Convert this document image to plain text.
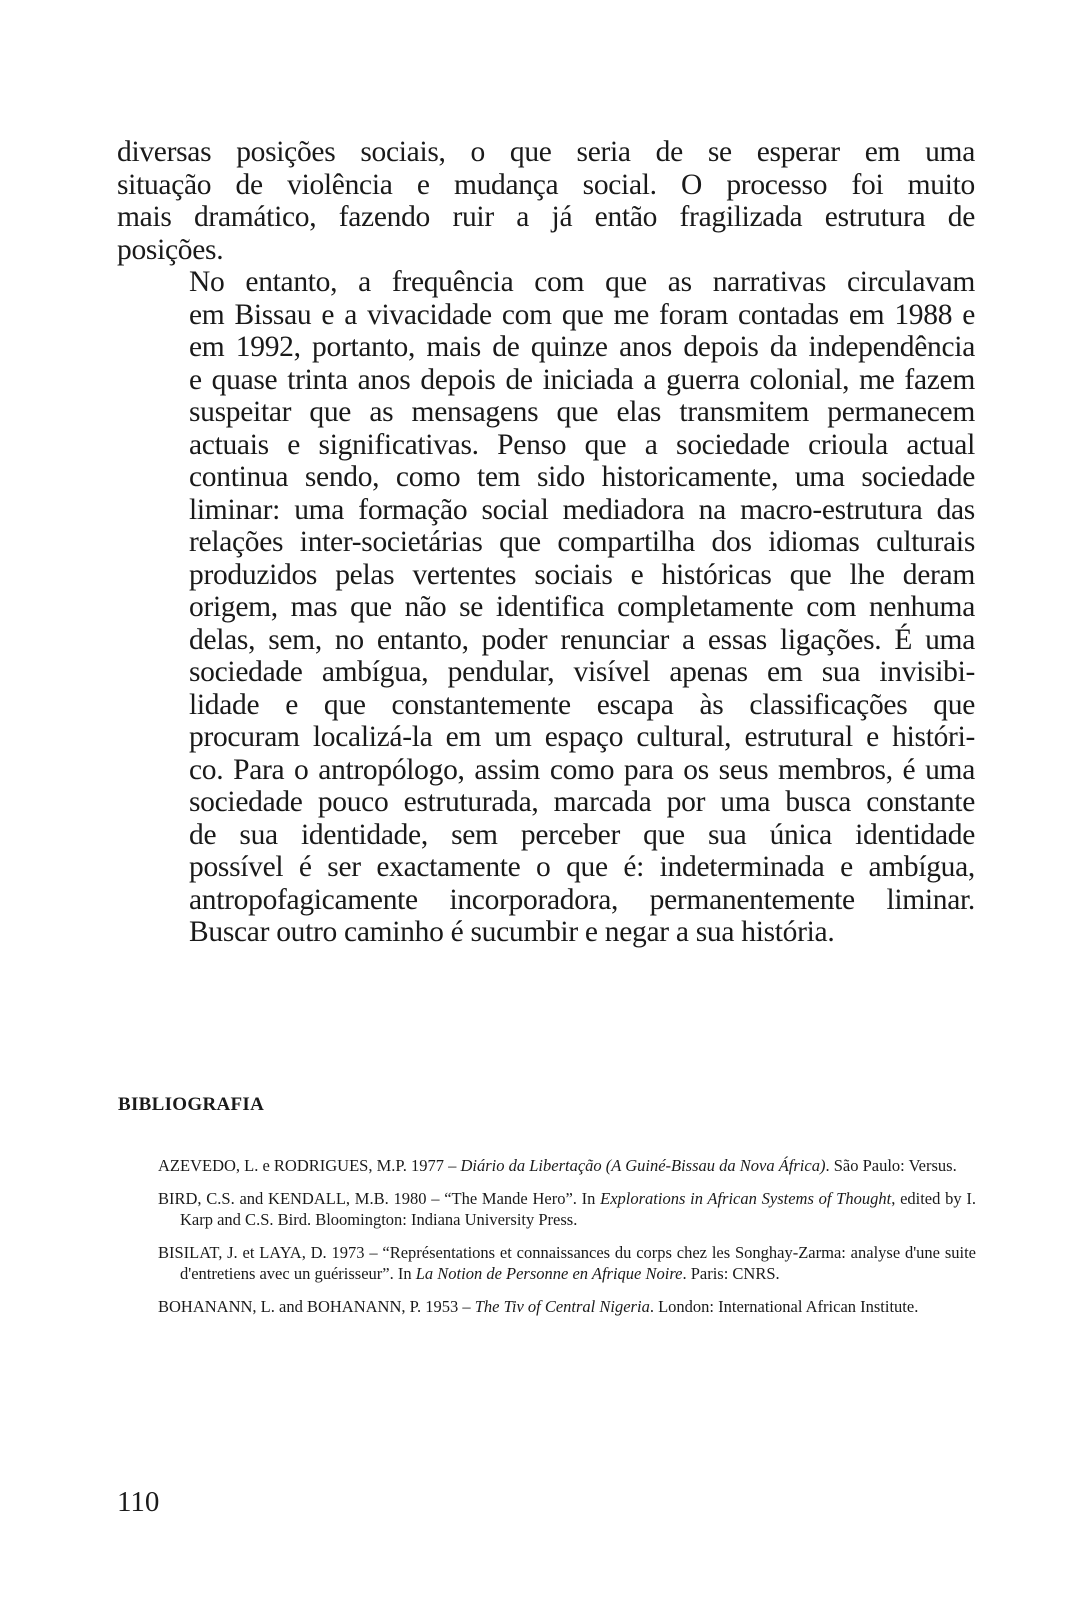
diversas posições sociais, o que seria de se esperar em uma
situação de violência e mudança social. O processo foi muito
mais dramático, fazendo ruir a já então fragilizada estrutura de
posições.

No entanto, a frequência com que as narrativas circulavam
em Bissau e a vivacidade com que me foram contadas em 1988 e
em 1992, portanto, mais de quinze anos depois da independência
e quase trinta anos depois de iniciada a guerra colonial, me fazem
suspeitar que as mensagens que elas transmitem permanecem
actuais e significativas. Penso que a sociedade crioula actual
continua sendo, como tem sido historicamente, uma sociedade
liminar: uma formação social mediadora na macro-estrutura das
relações inter-societárias que compartilha dos idiomas culturais
produzidos pelas vertentes sociais e históricas que lhe deram
origem, mas que não se identifica completamente com nenhuma
delas, sem, no entanto, poder renunciar a essas ligações. É uma
sociedade ambígua, pendular, visível apenas em sua invisibi-
lidade e que constantemente escapa às classificações que
procuram localizá-la em um espaço cultural, estrutural e históri-
co. Para o antropólogo, assim como para os seus membros, é uma
sociedade pouco estruturada, marcada por uma busca constante
de sua identidade, sem perceber que sua única identidade
possível é ser exactamente o que é: indeterminada e ambígua,
antropofagicamente incorporadora, permanentemente liminar.
Buscar outro caminho é sucumbir e negar a sua história.

BIBLIOGRAFIA

AZEVEDO, L. e RODRIGUES, M.P. 1977 – Diário da Libertação (A Guiné-Bissau da Nova África). São Paulo: Versus.

BIRD, C.S. and KENDALL, M.B. 1980 – “The Mande Hero”. In Explorations in African Systems of Thought, edited by I. Karp and C.S. Bird. Bloomington: Indiana University Press.

BISILAT, J. et LAYA, D. 1973 – “Représentations et connaissances du corps chez les Songhay-Zarma: analyse d'une suite d'entretiens avec un guérisseur”. In La Notion de Personne en Afrique Noire. Paris: CNRS.

BOHANANN, L. and BOHANANN, P. 1953 – The Tiv of Central Nigeria. London: International African Institute.

110
